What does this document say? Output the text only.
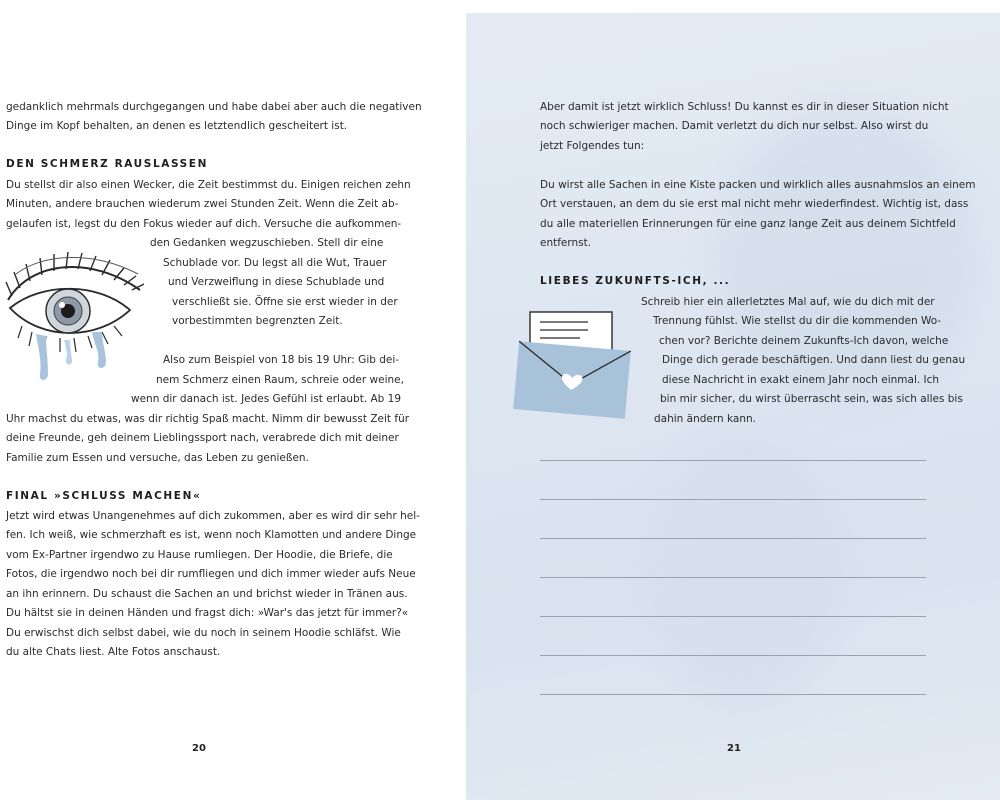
gedanklich mehrmals durchgegangen und habe dabei aber auch die negativen
Dinge im Kopf behalten, an denen es letztendlich gescheitert ist.
DEN SCHMERZ RAUSLASSEN
Du stellst dir also einen Wecker, die Zeit bestimmst du. Einigen reichen zehn
Minuten, andere brauchen wiederum zwei Stunden Zeit. Wenn die Zeit ab-
gelaufen ist, legst du den Fokus wieder auf dich. Versuche die aufkommen-
den Gedanken wegzuschieben. Stell dir eine
Schublade vor. Du legst all die Wut, Trauer
und Verzweiflung in diese Schublade und
verschließt sie. Öffne sie erst wieder in der
vorbestimmten begrenzten Zeit.
Also zum Beispiel von 18 bis 19 Uhr: Gib dei-
nem Schmerz einen Raum, schreie oder weine,
wenn dir danach ist. Jedes Gefühl ist erlaubt. Ab 19
Uhr machst du etwas, was dir richtig Spaß macht. Nimm dir bewusst Zeit für
deine Freunde, geh deinem Lieblingssport nach, verabrede dich mit deiner
Familie zum Essen und versuche, das Leben zu genießen.
FINAL »SCHLUSS MACHEN«
Jetzt wird etwas Unangenehmes auf dich zukommen, aber es wird dir sehr hel-
fen. Ich weiß, wie schmerzhaft es ist, wenn noch Klamotten und andere Dinge
vom Ex-Partner irgendwo zu Hause rumliegen. Der Hoodie, die Briefe, die
Fotos, die irgendwo noch bei dir rumfliegen und dich immer wieder aufs Neue
an ihn erinnern. Du schaust die Sachen an und brichst wieder in Tränen aus.
Du hältst sie in deinen Händen und fragst dich: »War's das jetzt für immer?«
Du erwischst dich selbst dabei, wie du noch in seinem Hoodie schläfst. Wie
du alte Chats liest. Alte Fotos anschaust.
20
Aber damit ist jetzt wirklich Schluss! Du kannst es dir in dieser Situation nicht
noch schwieriger machen. Damit verletzt du dich nur selbst. Also wirst du
jetzt Folgendes tun:
Du wirst alle Sachen in eine Kiste packen und wirklich alles ausnahmslos an einem
Ort verstauen, an dem du sie erst mal nicht mehr wiederfindest. Wichtig ist, dass
du alle materiellen Erinnerungen für eine ganz lange Zeit aus deinem Sichtfeld
entfernst.
LIEBES ZUKUNFTS-ICH, ...
Schreib hier ein allerletztes Mal auf, wie du dich mit der
Trennung fühlst. Wie stellst du dir die kommenden Wo-
chen vor? Berichte deinem Zukunfts-Ich davon, welche
Dinge dich gerade beschäftigen. Und dann liest du genau
diese Nachricht in exakt einem Jahr noch einmal. Ich
bin mir sicher, du wirst überrascht sein, was sich alles bis
dahin ändern kann.
21
